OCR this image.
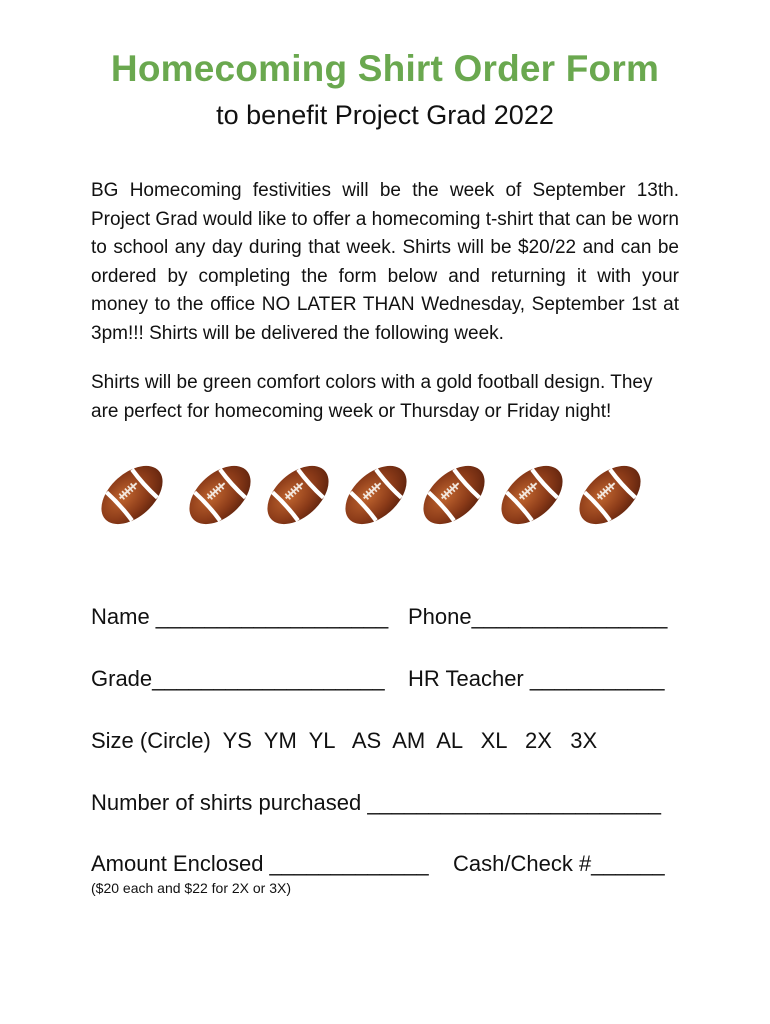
Homecoming Shirt Order Form
to benefit Project Grad 2022

BG Homecoming festivities will be the week of September 13th. Project Grad would like to offer a homecoming t-shirt that can be worn to school any day during that week. Shirts will be $20/22 and can be ordered by completing the form below and returning it with your money to the office NO LATER THAN Wednesday, September 1st at 3pm!!! Shirts will be delivered the following week.

Shirts will be green comfort colors with a gold football design. They are perfect for homecoming week or Thursday or Friday night!

Name ___________________ Phone________________
Grade___________________ HR Teacher ___________
Size (Circle)  YS  YM  YL   AS  AM  AL   XL   2X   3X
Number of shirts purchased ________________________
Amount Enclosed _____________ Cash/Check #______
($20 each and $22 for 2X or 3X)
